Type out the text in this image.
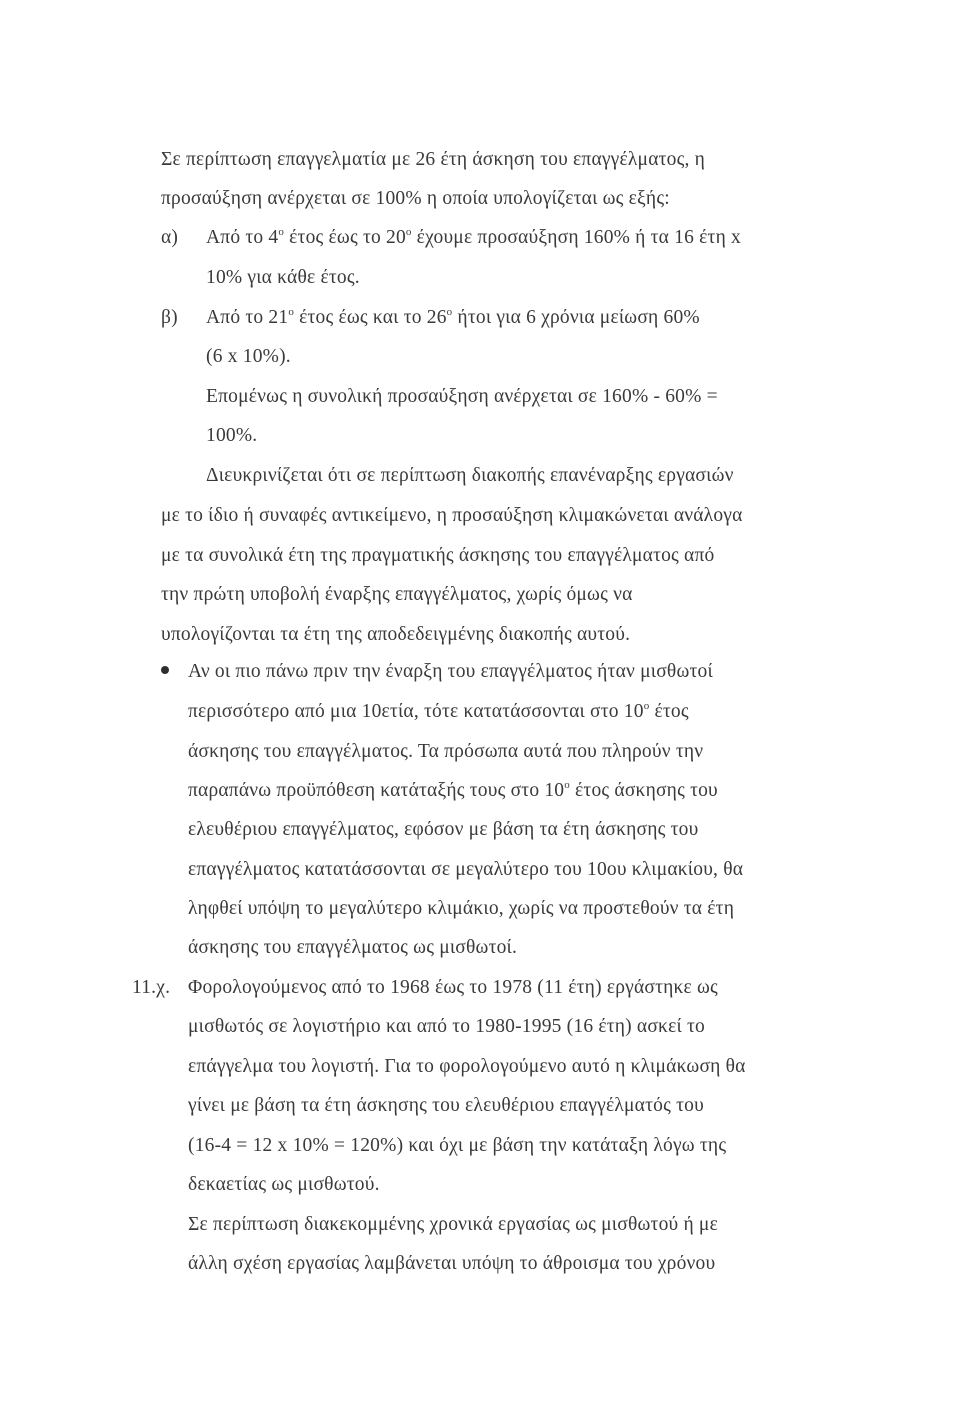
Σε περίπτωση επαγγελματία με 26 έτη άσκηση του επαγγέλματος, η
προσαύξηση ανέρχεται σε 100% η οποία υπολογίζεται ως εξής:
α) Από το $4^o$ έτος έως το $20^o$ έχουμε προσαύξηση 160% ή τα 16 έτη x
10% για κάθε έτος.
β) Από το $21^o$ έτος έως και το $26^o$ ήτοι για 6 χρόνια μείωση 60%
(6 x 10%).
Επομένως η συνολική προσαύξηση ανέρχεται σε 160% - 60% =
100%.
Διευκρινίζεται ότι σε περίπτωση διακοπής επανέναρξης εργασιών
με το ίδιο ή συναφές αντικείμενο, η προσαύξηση κλιμακώνεται ανάλογα
με τα συνολικά έτη της πραγματικής άσκησης του επαγγέλματος από
την πρώτη υποβολή έναρξης επαγγέλματος, χωρίς όμως να
υπολογίζονται τα έτη της αποδεδειγμένης διακοπής αυτού.
Αν οι πιο πάνω πριν την έναρξη του επαγγέλματος ήταν μισθωτοί
περισσότερο από μια 10ετία, τότε κατατάσσονται στο $10^o$ έτος
άσκησης του επαγγέλματος. Τα πρόσωπα αυτά που πληρούν την
παραπάνω προϋπόθεση κατάταξής τους στο $10^o$ έτος άσκησης του
ελευθέριου επαγγέλματος, εφόσον με βάση τα έτη άσκησης του
επαγγέλματος κατατάσσονται σε μεγαλύτερο του 10ου κλιμακίου, θα
ληφθεί υπόψη το μεγαλύτερο κλιμάκιο, χωρίς να προστεθούν τα έτη
άσκησης του επαγγέλματος ως μισθωτοί.
11.χ. Φορολογούμενος από το 1968 έως το 1978 (11 έτη) εργάστηκε ως
μισθωτός σε λογιστήριο και από το 1980-1995 (16 έτη) ασκεί το
επάγγελμα του λογιστή. Για το φορολογούμενο αυτό η κλιμάκωση θα
γίνει με βάση τα έτη άσκησης του ελευθέριου επαγγέλματός του
(16-4 = 12 x 10% = 120%) και όχι με βάση την κατάταξη λόγω της
δεκαετίας ως μισθωτού.
Σε περίπτωση διακεκομμένης χρονικά εργασίας ως μισθωτού ή με
άλλη σχέση εργασίας λαμβάνεται υπόψη το άθροισμα του χρόνου
